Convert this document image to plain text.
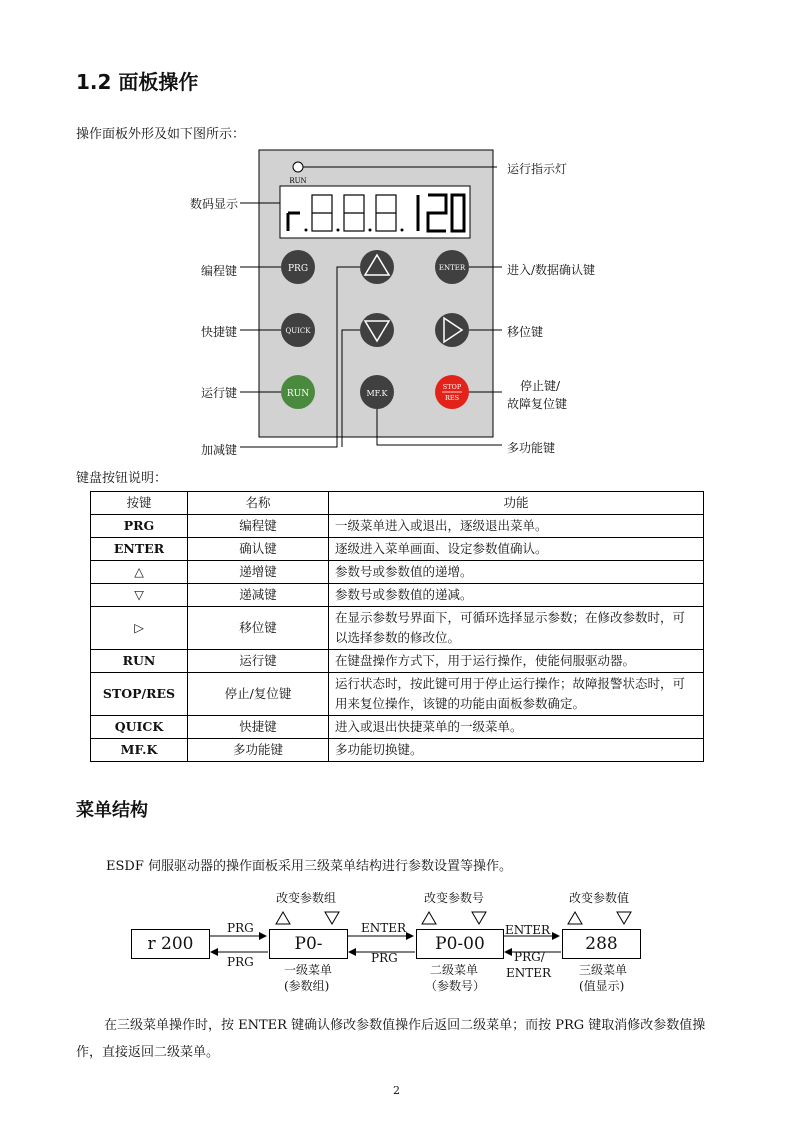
1.2 面板操作
操作面板外形及如下图所示：
RUN
PRG	ENTER
QUICK
RUN	MF.K
STOP
RES
运行指示灯
数码显示
编程键	进入/数据确认键
快捷键	移位键
运行键	停止键/
故障复位键
加减键	多功能键
键盘按钮说明：
按键	名称	功能
PRG	编程键	一级菜单进入或退出，逐级退出菜单。
ENTER	确认键	逐级进入菜单画面、设定参数值确认。
△	递增键	参数号或参数值的递增。
▽	递减键	参数号或参数值的递减。
▷	移位键	在显示参数号界面下，可循环选择显示参数；在修改参数时，可以选择参数的修改位。
RUN	运行键	在键盘操作方式下，用于运行操作，使能伺服驱动器。
STOP/RES	停止/复位键	运行状态时，按此键可用于停止运行操作；故障报警状态时，可用来复位操作，该键的功能由面板参数确定。
QUICK	快捷键	进入或退出快捷菜单的一级菜单。
MF.K	多功能键	多功能切换键。
菜单结构
ESDF 伺服驱动器的操作面板采用三级菜单结构进行参数设置等操作。
r 200	P0-	P0-00	288
PRG
PRG
ENTER
PRG
ENTER
PRG/
ENTER
改变参数组	改变参数号	改变参数值
一级菜单
(参数组)
二级菜单
（参数号）
三级菜单
(值显示)
在三级菜单操作时，按 ENTER 键确认修改参数值操作后返回二级菜单；而按 PRG 键取消修改参数值操作，直接返回二级菜单。
2
